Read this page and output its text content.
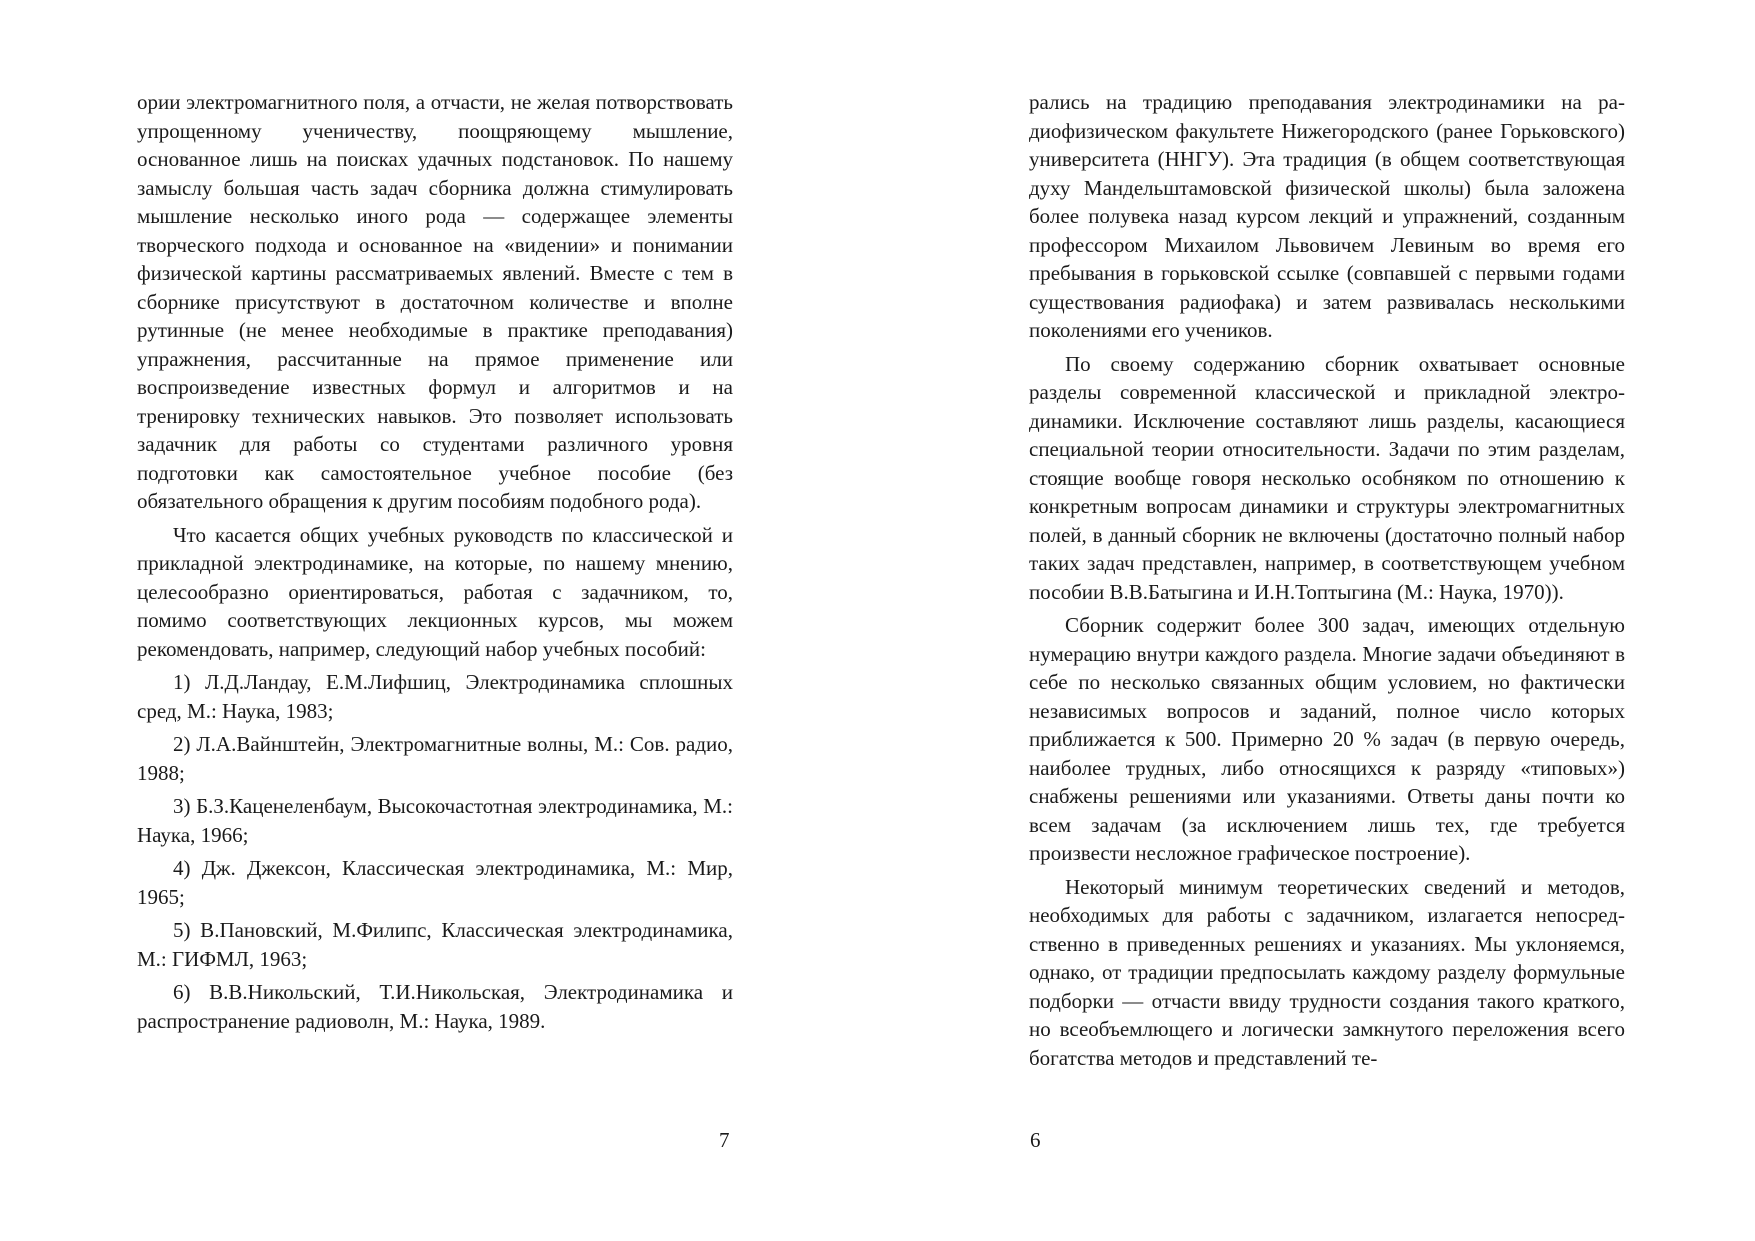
ории электромагнитного поля, а отчасти, не желая потворствовать упрощенному ученичеству, поощряющему мышление, основанное лишь на поисках удачных подстановок. По нашему замыслу большая часть задач сборника должна стимулировать мышление несколько иного рода — содержащее элементы творческого подхода и основанное на «видении» и понимании физической картины рассматриваемых явлений. Вместе с тем в сборнике присутствуют в достаточном количестве и вполне рутинные (не менее необходимые в практике преподавания) упражнения, рассчитанные на прямое применение или воспроизведение известных формул и алгоритмов и на тренировку технических навыков. Это позволяет использовать задачник для работы со студентами различного уровня подготовки как самостоятельное учебное пособие (без обязательного обращения к другим пособиям подобного рода).

Что касается общих учебных руководств по классической и прикладной электродинамике, на которые, по нашему мнению, целесообразно ориентироваться, работая с задачником, то, помимо соответствующих лекционных курсов, мы можем рекомендовать, например, следующий набор учебных пособий:

1) Л.Д.Ландау, Е.М.Лифшиц, Электродинамика сплошных сред, М.: Наука, 1983;

2) Л.А.Вайнштейн, Электромагнитные волны, М.: Сов. радио, 1988;

3) Б.З.Каценеленбаум, Высокочастотная электродинамика, М.: Наука, 1966;

4) Дж. Джексон, Классическая электродинамика, М.: Мир, 1965;

5) В.Пановский, М.Филипс, Классическая электродинамика, М.: ГИФМЛ, 1963;

6) В.В.Никольский, Т.И.Никольская, Электродинамика и распространение радиоволн, М.: Наука, 1989.

7

рались на традицию преподавания электродинамики на радиофизическом факультете Нижегородского (ранее Горьковского) университета (ННГУ). Эта традиция (в общем соответствующая духу Мандельштамовской физической школы) была заложена более полувека назад курсом лекций и упражнений, созданным профессором Михаилом Львовичем Левиным во время его пребывания в горьковской ссылке (совпавшей с первыми годами существования радиофака) и затем развивалась несколькими поколениями его учеников.

По своему содержанию сборник охватывает основные разделы современной классической и прикладной электродинамики. Исключение составляют лишь разделы, касающиеся специальной теории относительности. Задачи по этим разделам, стоящие вообще говоря несколько особняком по отношению к конкретным вопросам динамики и структуры электромагнитных полей, в данный сборник не включены (достаточно полный набор таких задач представлен, например, в соответствующем учебном пособии В.В.Батыгина и И.Н.Топтыгина (М.: Наука, 1970)).

Сборник содержит более 300 задач, имеющих отдельную нумерацию внутри каждого раздела. Многие задачи объединяют в себе по несколько связанных общим условием, но фактически независимых вопросов и заданий, полное число которых приближается к 500. Примерно 20 % задач (в первую очередь, наиболее трудных, либо относящихся к разряду «типовых») снабжены решениями или указаниями. Ответы даны почти ко всем задачам (за исключением лишь тех, где требуется произвести несложное графическое построение).

Некоторый минимум теоретических сведений и методов, необходимых для работы с задачником, излагается непосредственно в приведенных решениях и указаниях. Мы уклоняемся, однако, от традиции предпосылать каждому разделу формульные подборки — отчасти ввиду трудности создания такого краткого, но всеобъемлющего и логически замкнутого переложения всего богатства методов и представлений те-

6
